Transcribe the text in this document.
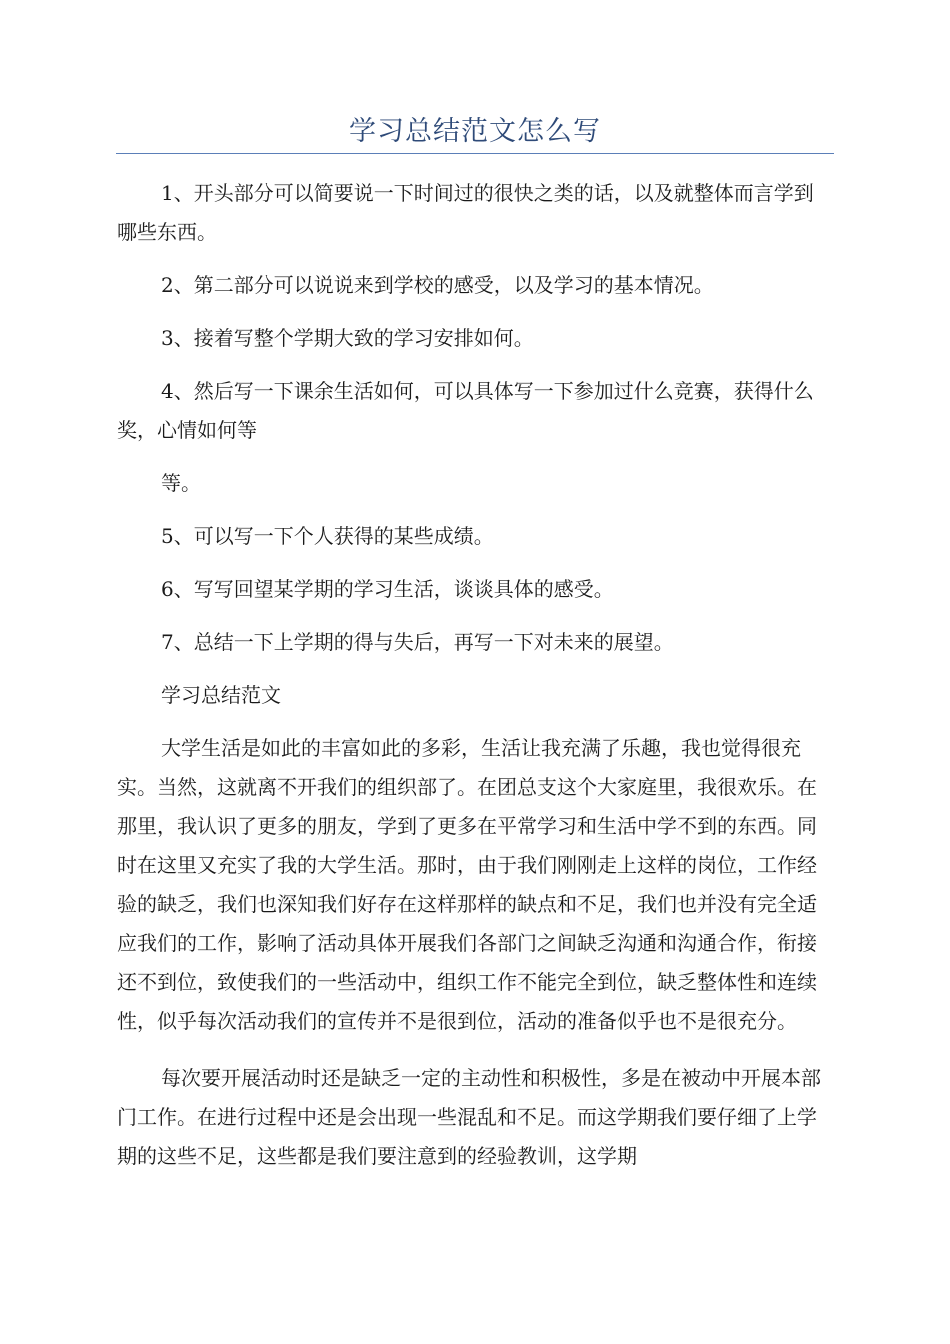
学习总结范文怎么写

1、开头部分可以简要说一下时间过的很快之类的话，以及就整体而言学到哪些东西。

2、第二部分可以说说来到学校的感受，以及学习的基本情况。

3、接着写整个学期大致的学习安排如何。

4、然后写一下课余生活如何，可以具体写一下参加过什么竞赛，获得什么奖，心情如何等

等。

5、可以写一下个人获得的某些成绩。

6、写写回望某学期的学习生活，谈谈具体的感受。

7、总结一下上学期的得与失后，再写一下对未来的展望。

学习总结范文

大学生活是如此的丰富如此的多彩，生活让我充满了乐趣，我也觉得很充实。当然，这就离不开我们的组织部了。在团总支这个大家庭里，我很欢乐。在那里，我认识了更多的朋友，学到了更多在平常学习和生活中学不到的东西。同时在这里又充实了我的大学生活。那时，由于我们刚刚走上这样的岗位，工作经验的缺乏，我们也深知我们好存在这样那样的缺点和不足，我们也并没有完全适应我们的工作，影响了活动具体开展我们各部门之间缺乏沟通和沟通合作，衔接还不到位，致使我们的一些活动中，组织工作不能完全到位，缺乏整体性和连续性，似乎每次活动我们的宣传并不是很到位，活动的准备似乎也不是很充分。

每次要开展活动时还是缺乏一定的主动性和积极性，多是在被动中开展本部门工作。在进行过程中还是会出现一些混乱和不足。而这学期我们要仔细了上学期的这些不足，这些都是我们要注意到的经验教训，这学期
